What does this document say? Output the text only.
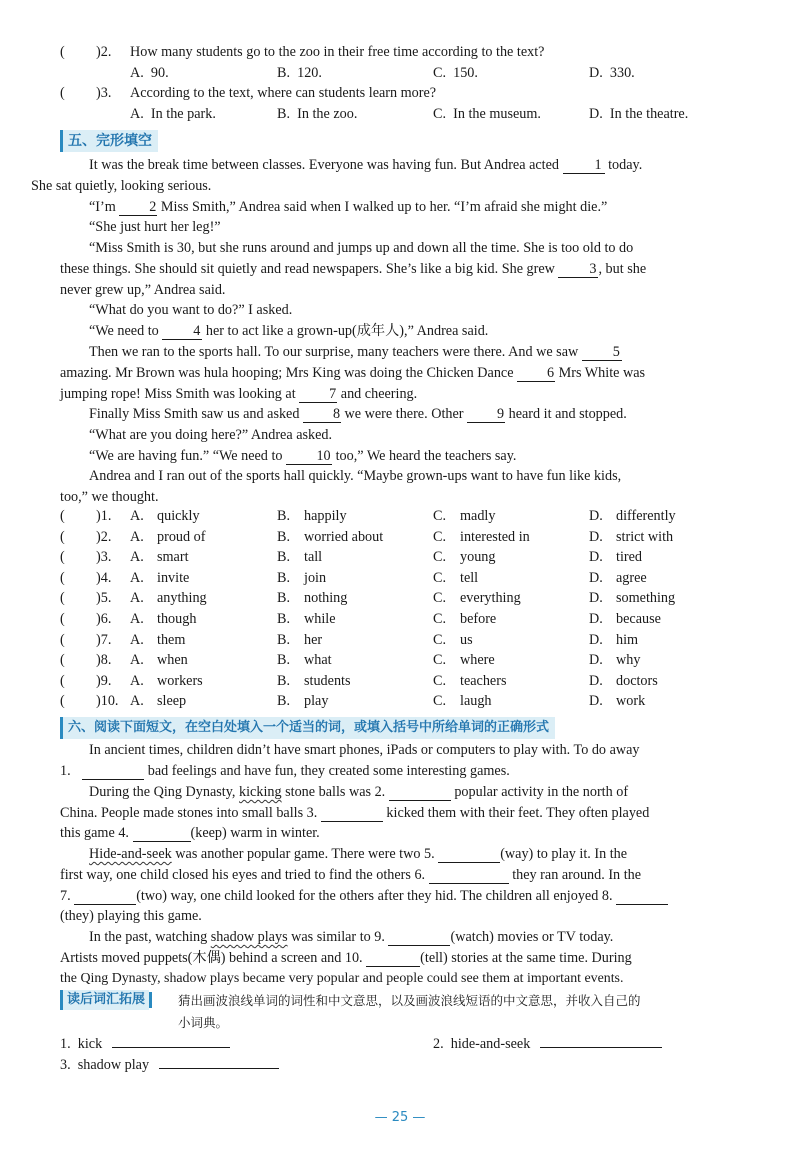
( )2. How many students go to the zoo in their free time according to the text?
A. 90.	B. 120.	C. 150.	D. 330.
( )3. According to the text, where can students learn more?
A. In the park.	B. In the zoo.	C. In the museum.	D. In the theatre.
五、完形填空
It was the break time between classes. Everyone was having fun. But Andrea acted	1 today.
She sat quietly, looking serious.
“I’m 2 Miss Smith,” Andrea said when I walked up to her. “I’m afraid she might die.”
“She just hurt her leg!”
“Miss Smith is 30, but she runs around and jumps up and down all the time. She is too old to do
these things. She should sit quietly and read newspapers. She’s like a big kid. She grew 3 , but she
never grew up,” Andrea said.
“What do you want to do?” I asked.
“We need to 4 her to act like a grown-up(成年人),” Andrea said.
Then we ran to the sports hall. To our surprise, many teachers were there. And we saw 5
amazing. Mr Brown was hula hooping; Mrs King was doing the Chicken Dance 6 Mrs White was
jumping rope! Miss Smith was looking at 7 and cheering.
Finally Miss Smith saw us and asked 8 we were there. Other 9 heard it and stopped.
“What are you doing here?” Andrea asked.
“We are having fun.” “We need to 10 too,” We heard the teachers say.
Andrea and I ran out of the sports hall quickly. “Maybe grown-ups want to have fun like kids,
too,” we thought.
( )1. A. quickly	B. happily	C. madly	D. differently
( )2. A. proud of	B. worried about	C. interested in	D. strict with
( )3. A. smart	B. tall	C. young	D. tired
( )4. A. invite	B. join	C. tell	D. agree
( )5. A. anything	B. nothing	C. everything	D. something
( )6. A. though	B. while	C. before	D. because
( )7. A. them	B. her	C. us	D. him
( )8. A. when	B. what	C. where	D. why
( )9. A. workers	B. students	C. teachers	D. doctors
( )10. A. sleep	B. play	C. laugh	D. work
六、阅读下面短文，在空白处填入一个适当的词，或填入括号中所给单词的正确形式
In ancient times, children didn’t have smart phones, iPads or computers to play with. To do away
1.	bad feelings and have fun, they created some interesting games.
During the Qing Dynasty, kicking stone balls was 2.	popular activity in the north of
China. People made stones into small balls 3.	kicked them with their feet. They often played
this game 4.	(keep) warm in winter.
Hide-and-seek was another popular game. There were two 5.	(way) to play it. In the
first way, one child closed his eyes and tried to find the others 6.	they ran around. In the
7.	(two) way, one child looked for the others after they hid. The children all enjoyed 8.
(they) playing this game.
In the past, watching shadow plays was similar to 9.	(watch) movies or TV today.
Artists moved puppets(木偶) behind a screen and 10.	(tell) stories at the same time. During
the Qing Dynasty, shadow plays became very popular and people could see them at important events.
读后词汇拓展	猜出画波浪线单词的词性和中文意思，以及画波浪线短语的中文意思，并收入自己的
小词典。
1. kick	2. hide-and-seek
3. shadow play
— 25 —
